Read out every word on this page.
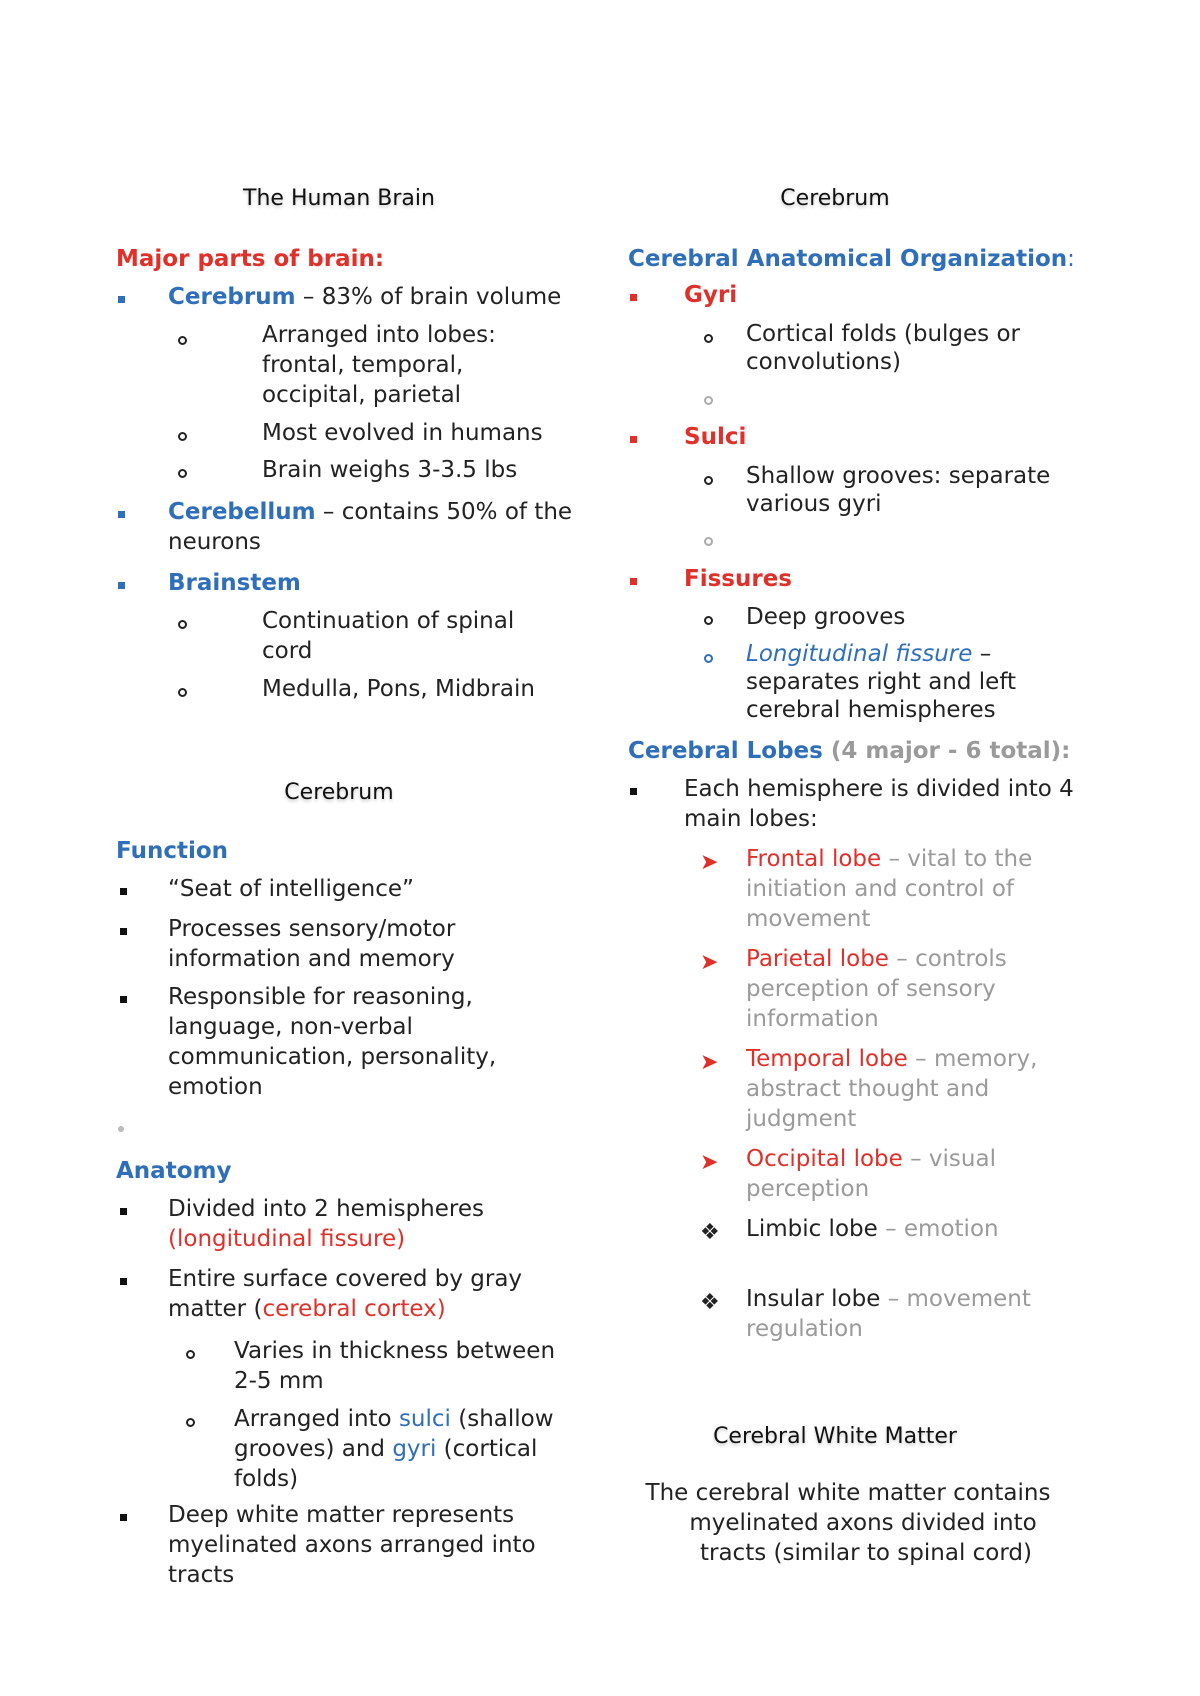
The Human Brain
Major parts of brain:
Cerebrum – 83% of brain volume
Arranged into lobes:
frontal, temporal,
occipital, parietal
Most evolved in humans
Brain weighs 3-3.5 lbs
Cerebellum – contains 50% of the
neurons
Brainstem
Continuation of spinal
cord
Medulla, Pons, Midbrain
Cerebrum
Function
“Seat of intelligence”
Processes sensory/motor
information and memory
Responsible for reasoning,
language, non-verbal
communication, personality,
emotion
Anatomy
Divided into 2 hemispheres
(longitudinal fissure)
Entire surface covered by gray
matter (cerebral cortex)
Varies in thickness between
2-5 mm
Arranged into sulci (shallow
grooves) and gyri (cortical
folds)
Deep white matter represents
myelinated axons arranged into
tracts
Cerebrum
Cerebral Anatomical Organization:
Gyri
Cortical folds (bulges or
convolutions)
Sulci
Shallow grooves: separate
various gyri
Fissures
Deep grooves
Longitudinal fissure –
separates right and left
cerebral hemispheres
Cerebral Lobes (4 major - 6 total):
Each hemisphere is divided into 4
main lobes:
➤ Frontal lobe – vital to the
initiation and control of
movement
➤ Parietal lobe – controls
perception of sensory
information
➤ Temporal lobe – memory,
abstract thought and
judgment
➤ Occipital lobe – visual
perception
❖ Limbic lobe – emotion
❖ Insular lobe – movement
regulation
Cerebral White Matter
The cerebral white matter contains
myelinated axons divided into
tracts (similar to spinal cord)
